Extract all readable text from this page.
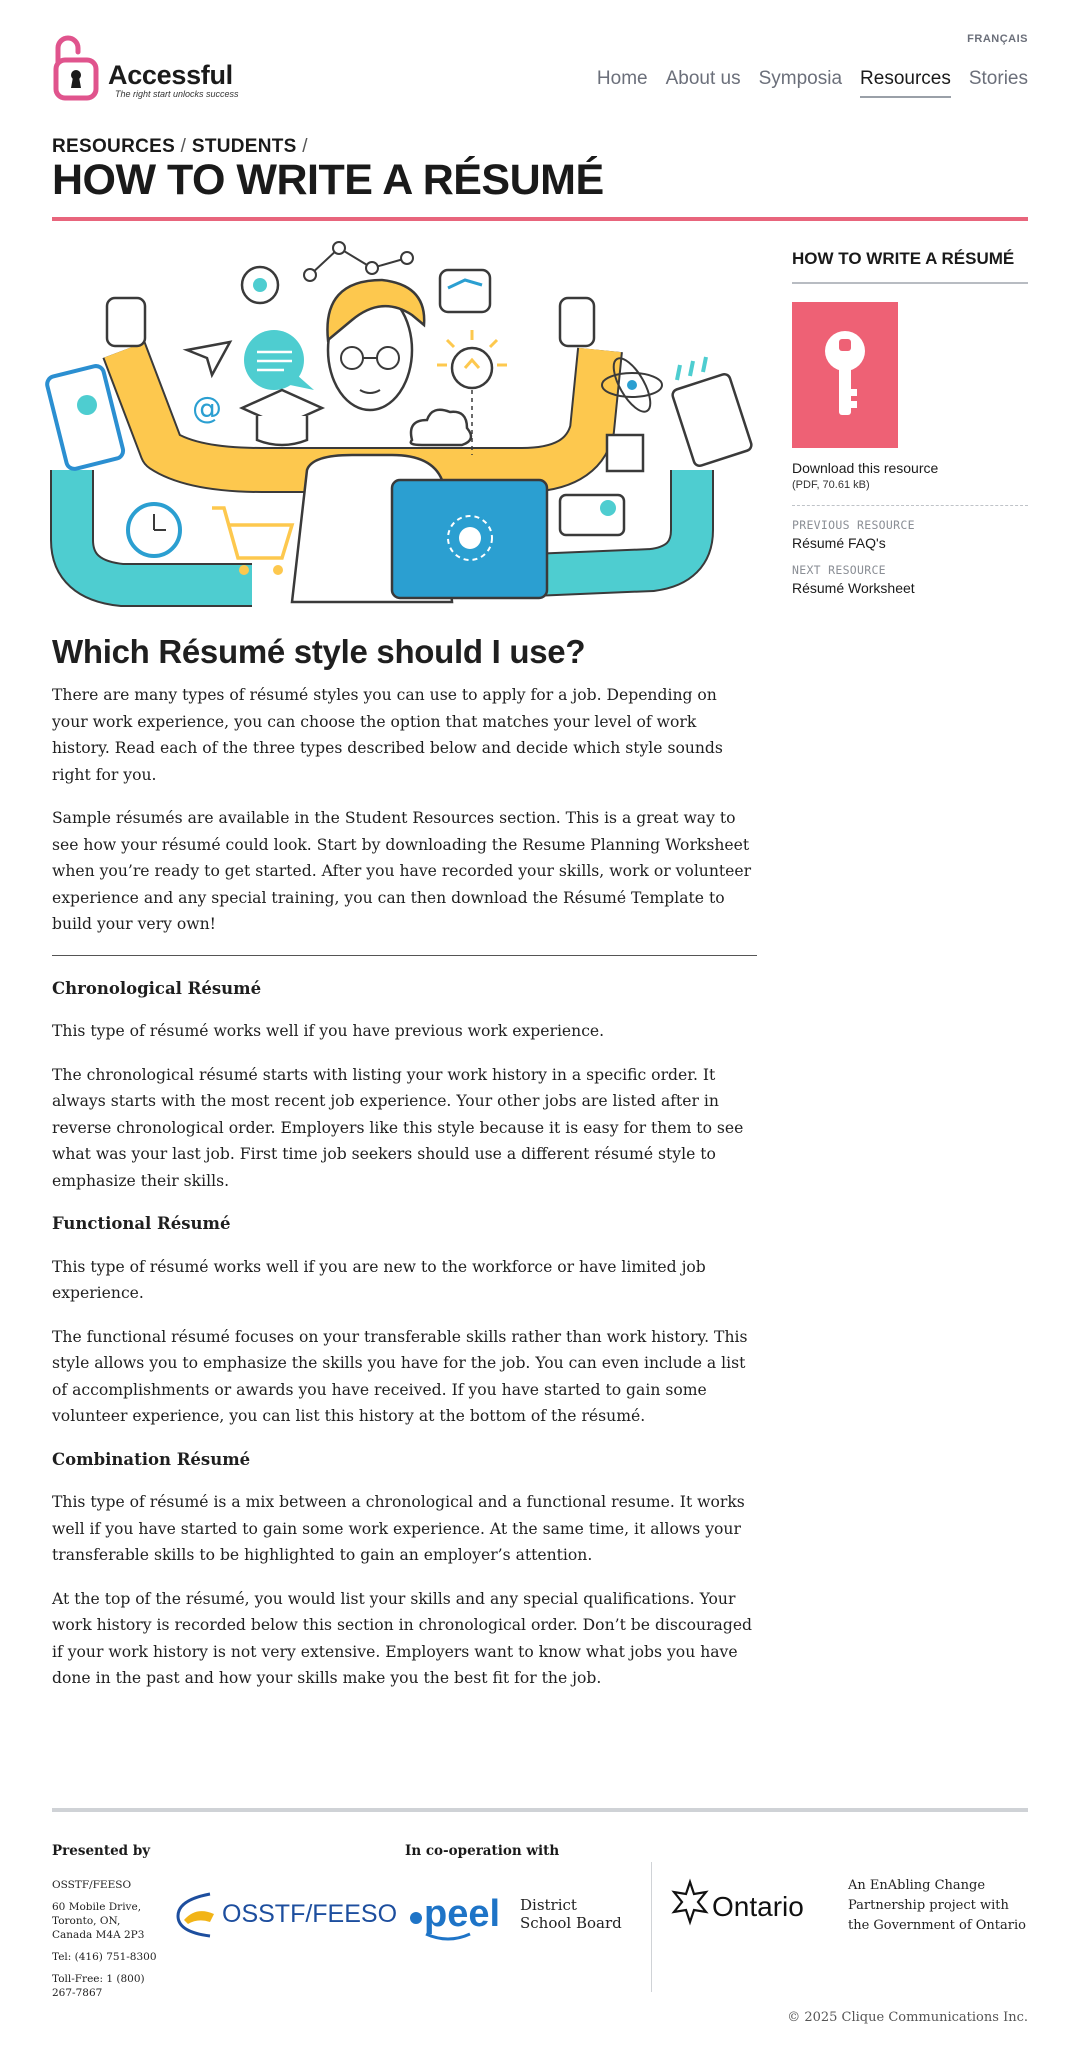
FRANÇAIS
Accessful
The right start unlocks success
Home About us Symposia Resources Stories
RESOURCES / STUDENTS /
HOW TO WRITE A RÉSUMÉ
@
Which Résumé style should I use?

There are many types of résumé styles you can use to apply for a job. Depending on your work experience, you can choose the option that matches your level of work history. Read each of the three types described below and decide which style sounds right for you.

Sample résumés are available in the Student Resources section. This is a great way to see how your résumé could look. Start by downloading the Resume Planning Worksheet when you’re ready to get started. After you have recorded your skills, work or volunteer experience and any special training, you can then download the Résumé Template to build your very own!

Chronological Résumé

This type of résumé works well if you have previous work experience.

The chronological résumé starts with listing your work history in a specific order. It always starts with the most recent job experience. Your other jobs are listed after in reverse chronological order. Employers like this style because it is easy for them to see what was your last job. First time job seekers should use a different résumé style to emphasize their skills.

Functional Résumé

This type of résumé works well if you are new to the workforce or have limited job experience.

The functional résumé focuses on your transferable skills rather than work history. This style allows you to emphasize the skills you have for the job. You can even include a list of accomplishments or awards you have received. If you have started to gain some volunteer experience, you can list this history at the bottom of the résumé.

Combination Résumé

This type of résumé is a mix between a chronological and a functional resume. It works well if you have started to gain some work experience. At the same time, it allows your transferable skills to be highlighted to gain an employer’s attention.

At the top of the résumé, you would list your skills and any special qualifications. Your work history is recorded below this section in chronological order. Don’t be discouraged if your work history is not very extensive. Employers want to know what jobs you have done in the past and how your skills make you the best fit for the job.

HOW TO WRITE A RÉSUMÉ
Download this resource
(PDF, 70.61 kB)
PREVIOUS RESOURCE
Résumé FAQ's
NEXT RESOURCE
Résumé Worksheet
Presented by	In co-operation with
OSSTF/FEESO
60 Mobile Drive, Toronto, ON, Canada M4A 2P3
Tel: (416) 751-8300
Toll-Free: 1 (800) 267-7867
OSSTF/FEESO peel District
School Board
Ontario
An EnAbling Change Partnership project with the Government of Ontario
© 2025 Clique Communications Inc.
